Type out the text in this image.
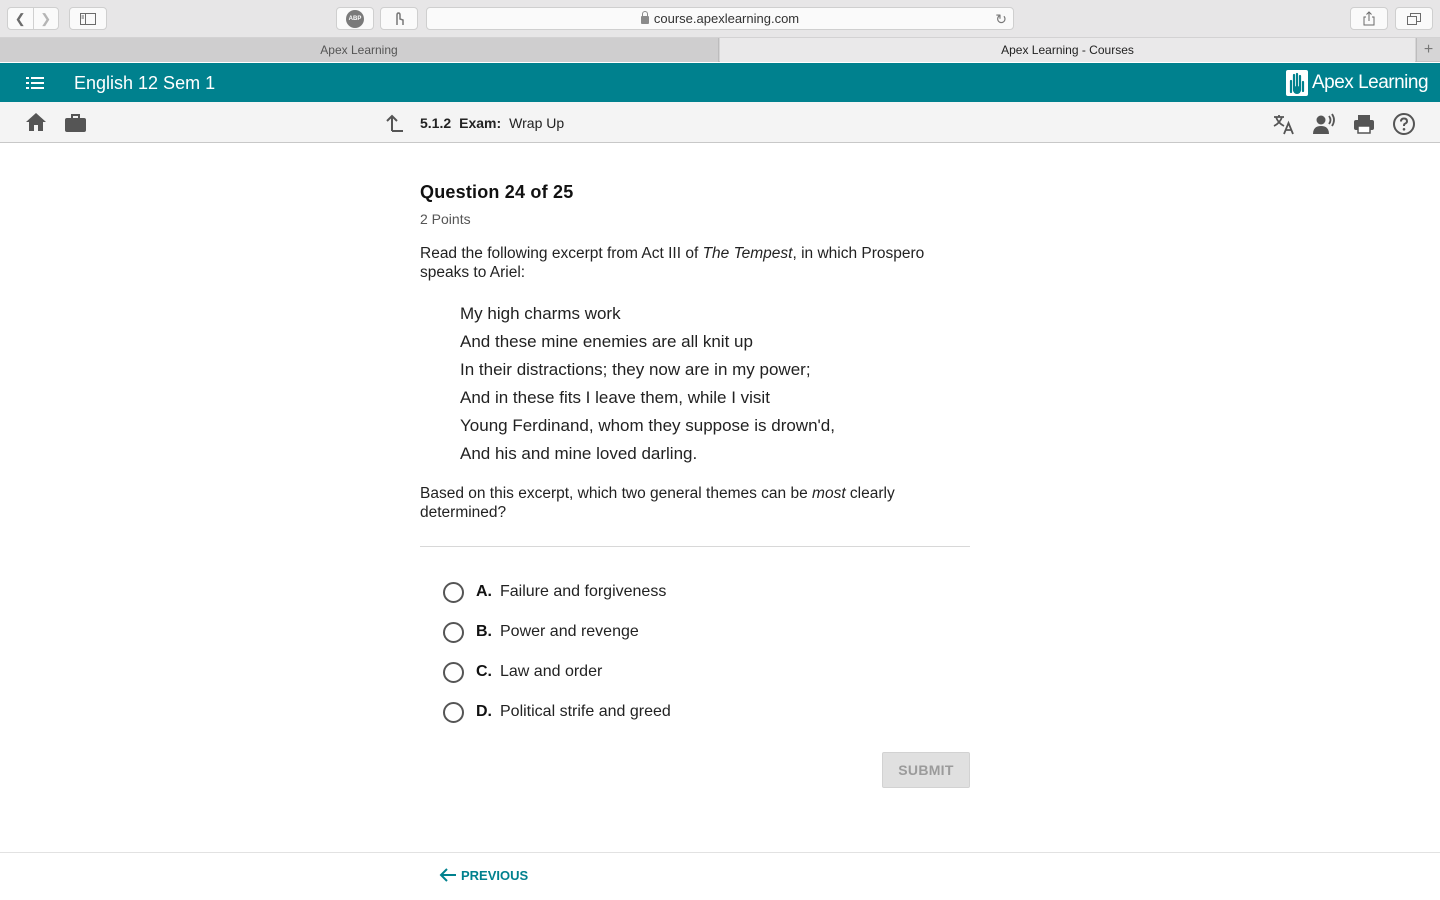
❮	❯	ABP	course.apexlearning.com	↻
Apex Learning	Apex Learning - Courses	+
English 12 Sem 1	Apex Learning
5.1.2 Exam: Wrap Up
Question 24 of 25
2 Points
Read the following excerpt from Act III of The Tempest, in which Prospero speaks to Ariel:
My high charms work
And these mine enemies are all knit up
In their distractions; they now are in my power;
And in these fits I leave them, while I visit
Young Ferdinand, whom they suppose is drown'd,
And his and mine loved darling.
Based on this excerpt, which two general themes can be most clearly determined?
A. Failure and forgiveness
B. Power and revenge
C. Law and order
D. Political strife and greed
SUBMIT
PREVIOUS
